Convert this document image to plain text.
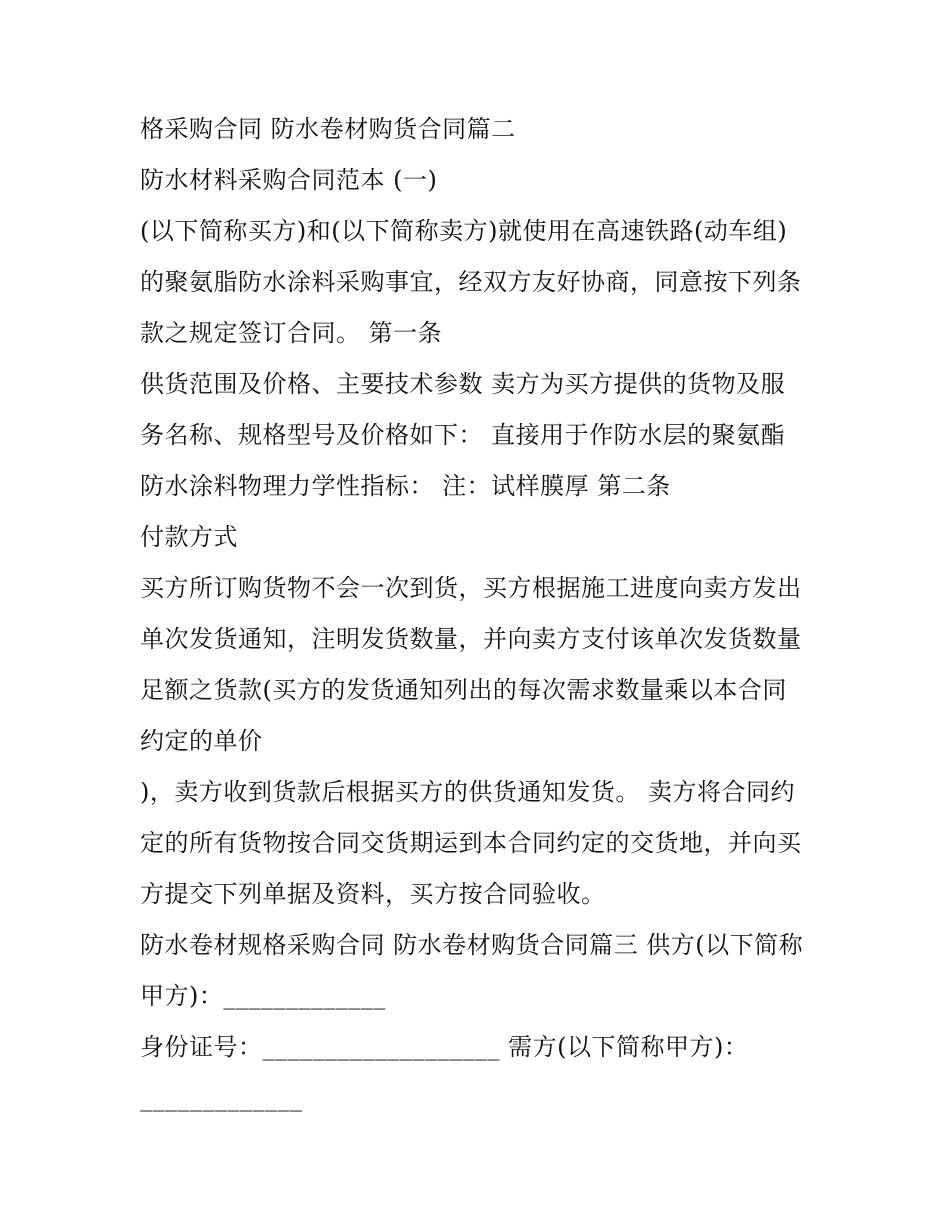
格采购合同 防水卷材购货合同篇二
防水材料采购合同范本 (一)
(以下简称买方)和(以下简称卖方)就使用在高速铁路(动车组)
的聚氨脂防水涂料采购事宜，经双方友好协商，同意按下列条
款之规定签订合同。 第一条
供货范围及价格、主要技术参数 卖方为买方提供的货物及服
务名称、规格型号及价格如下： 直接用于作防水层的聚氨酯
防水涂料物理力学性指标： 注：试样膜厚 第二条
付款方式
买方所订购货物不会一次到货，买方根据施工进度向卖方发出
单次发货通知，注明发货数量，并向卖方支付该单次发货数量
足额之货款(买方的发货通知列出的每次需求数量乘以本合同
约定的单价
)，卖方收到货款后根据买方的供货通知发货。 卖方将合同约
定的所有货物按合同交货期运到本合同约定的交货地，并向买
方提交下列单据及资料，买方按合同验收。
防水卷材规格采购合同 防水卷材购货合同篇三 供方(以下简称
甲方)：_____________
身份证号：___________________ 需方(以下简称甲方)：
_____________
